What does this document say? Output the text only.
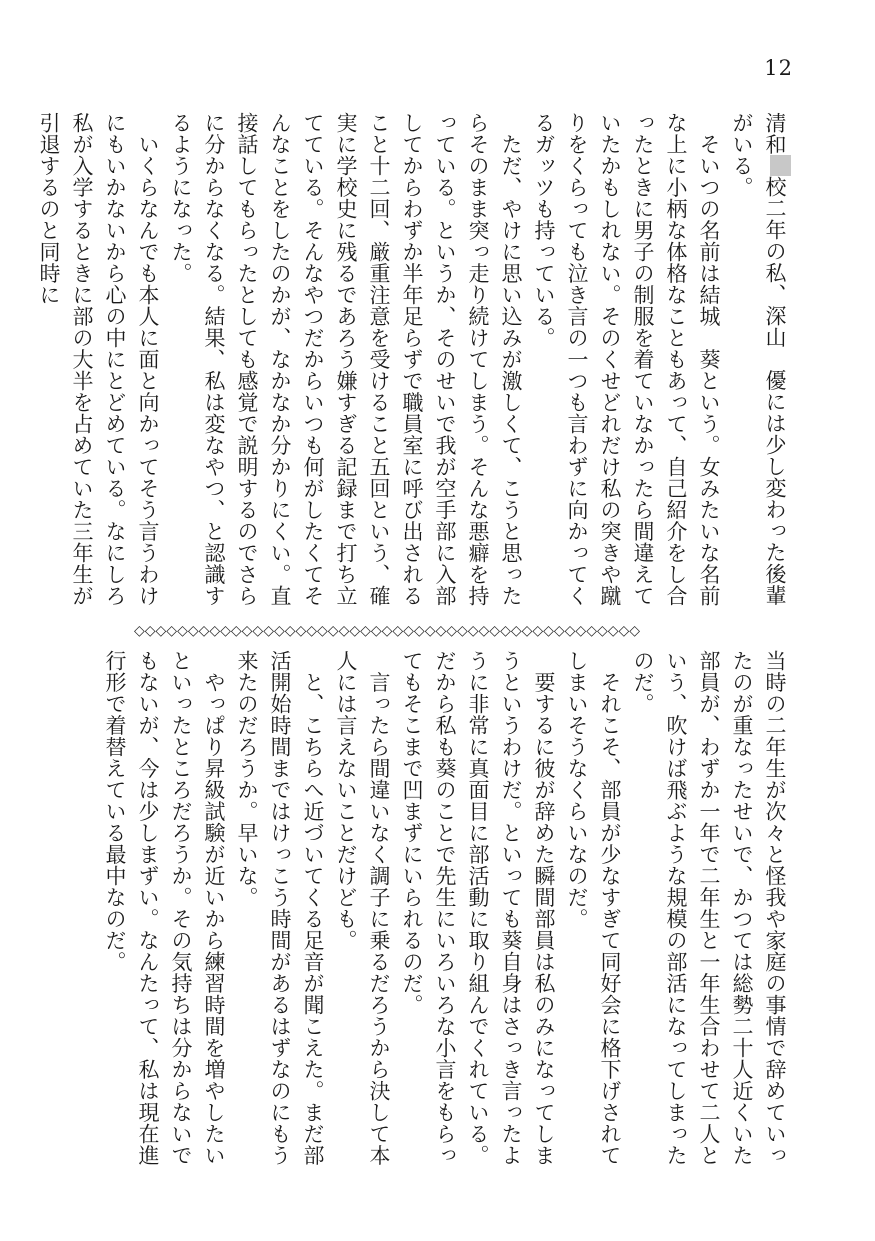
12

清和校二年の私、深山　優には少し変わった後輩がいる。

　そいつの名前は結城　葵という。女みたいな名前な上に小柄な体格なこともあって、自己紹介をし合ったときに男子の制服を着ていなかったら間違えていたかもしれない。そのくせどれだけ私の突きや蹴りをくらっても泣き言の一つも言わずに向かってくるガッツも持っている。

　ただ、やけに思い込みが激しくて、こうと思ったらそのまま突っ走り続けてしまう。そんな悪癖を持っている。というか、そのせいで我が空手部に入部してからわずか半年足らずで職員室に呼び出されること十二回、厳重注意を受けること五回という、確実に学校史に残るであろう嫌すぎる記録まで打ち立てている。そんなやつだからいつも何がしたくてそんなことをしたのかが、なかなか分かりにくい。直接話してもらったとしても感覚で説明するのでさらに分からなくなる。結果、私は変なやつ、と認識するようになった。

　いくらなんでも本人に面と向かってそう言うわけにもいかないから心の中にとどめている。なにしろ私が入学するときに部の大半を占めていた三年生が引退するのと同時に

◇◇◇◇◇◇◇◇◇◇◇◇◇◇◇◇◇◇◇◇◇◇◇◇◇◇◇◇◇◇◇◇◇◇◇◇◇◇◇◇◇◇◇◇◇◇◇

当時の二年生が次々と怪我や家庭の事情で辞めていったのが重なったせいで、かつては総勢二十人近くいた部員が、わずか一年で二年生と一年生合わせて二人という、吹けば飛ぶような規模の部活になってしまったのだ。

　それこそ、部員が少なすぎて同好会に格下げされてしまいそうなくらいなのだ。

　要するに彼が辞めた瞬間部員は私のみになってしまうというわけだ。といっても葵自身はさっき言ったように非常に真面目に部活動に取り組んでくれている。だから私も葵のことで先生にいろいろな小言をもらってもそこまで凹まずにいられるのだ。

　言ったら間違いなく調子に乗るだろうから決して本人には言えないことだけども。

　と、こちらへ近づいてくる足音が聞こえた。まだ部活開始時間まではけっこう時間があるはずなのにもう来たのだろうか。早いな。

　やっぱり昇級試験が近いから練習時間を増やしたいといったところだろうか。その気持ちは分からないでもないが、今は少しまずい。なんたって、私は現在進行形で着替えている最中なのだ。
